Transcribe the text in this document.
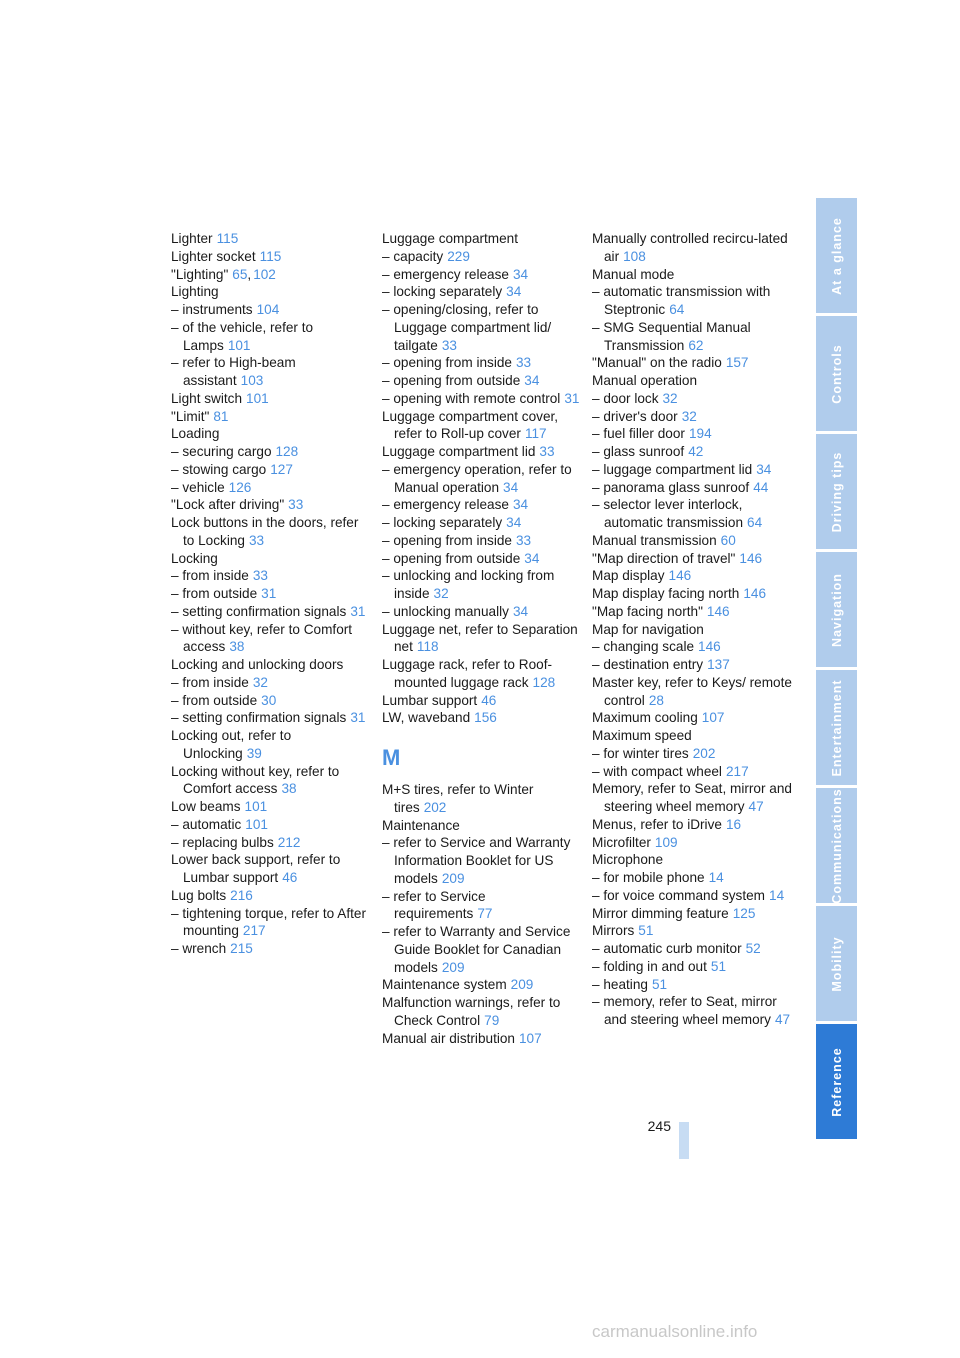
Lighter 115
Lighter socket 115
"Lighting" 65, 102
Lighting
– instruments 104
– of the vehicle, refer to Lamps 101
– refer to High-beam assistant 103
Light switch 101
"Limit" 81
Loading
– securing cargo 128
– stowing cargo 127
– vehicle 126
"Lock after driving" 33
Lock buttons in the doors, refer to Locking 33
Locking
– from inside 33
– from outside 31
– setting confirmation signals 31
– without key, refer to Comfort access 38
Locking and unlocking doors
– from inside 32
– from outside 30
– setting confirmation signals 31
Locking out, refer to Unlocking 39
Locking without key, refer to Comfort access 38
Low beams 101
– automatic 101
– replacing bulbs 212
Lower back support, refer to Lumbar support 46
Lug bolts 216
– tightening torque, refer to After mounting 217
– wrench 215
Luggage compartment
– capacity 229
– emergency release 34
– locking separately 34
– opening/closing, refer to Luggage compartment lid/ tailgate 33
– opening from inside 33
– opening from outside 34
– opening with remote control 31
Luggage compartment cover, refer to Roll-up cover 117
Luggage compartment lid 33
– emergency operation, refer to Manual operation 34
– emergency release 34
– locking separately 34
– opening from inside 33
– opening from outside 34
– unlocking and locking from inside 32
– unlocking manually 34
Luggage net, refer to Separation net 118
Luggage rack, refer to Roof-mounted luggage rack 128
Lumbar support 46
LW, waveband 156
M
M+S tires, refer to Winter tires 202
Maintenance
– refer to Service and Warranty Information Booklet for US models 209
– refer to Service requirements 77
– refer to Warranty and Service Guide Booklet for Canadian models 209
Maintenance system 209
Malfunction warnings, refer to Check Control 79
Manual air distribution 107
Manually controlled recircu-lated air 108
Manual mode
– automatic transmission with Steptronic 64
– SMG Sequential Manual Transmission 62
"Manual" on the radio 157
Manual operation
– door lock 32
– driver's door 32
– fuel filler door 194
– glass sunroof 42
– luggage compartment lid 34
– panorama glass sunroof 44
– selector lever interlock, automatic transmission 64
Manual transmission 60
"Map direction of travel" 146
Map display 146
Map display facing north 146
"Map facing north" 146
Map for navigation
– changing scale 146
– destination entry 137
Master key, refer to Keys/ remote control 28
Maximum cooling 107
Maximum speed
– for winter tires 202
– with compact wheel 217
Memory, refer to Seat, mirror and steering wheel memory 47
Menus, refer to iDrive 16
Microfilter 109
Microphone
– for mobile phone 14
– for voice command system 14
Mirror dimming feature 125
Mirrors 51
– automatic curb monitor 52
– folding in and out 51
– heating 51
– memory, refer to Seat, mirror and steering wheel memory 47
At a glance
Controls
Driving tips
Navigation
Entertainment
Communications
Mobility
Reference
245
carmanualsonline.info
